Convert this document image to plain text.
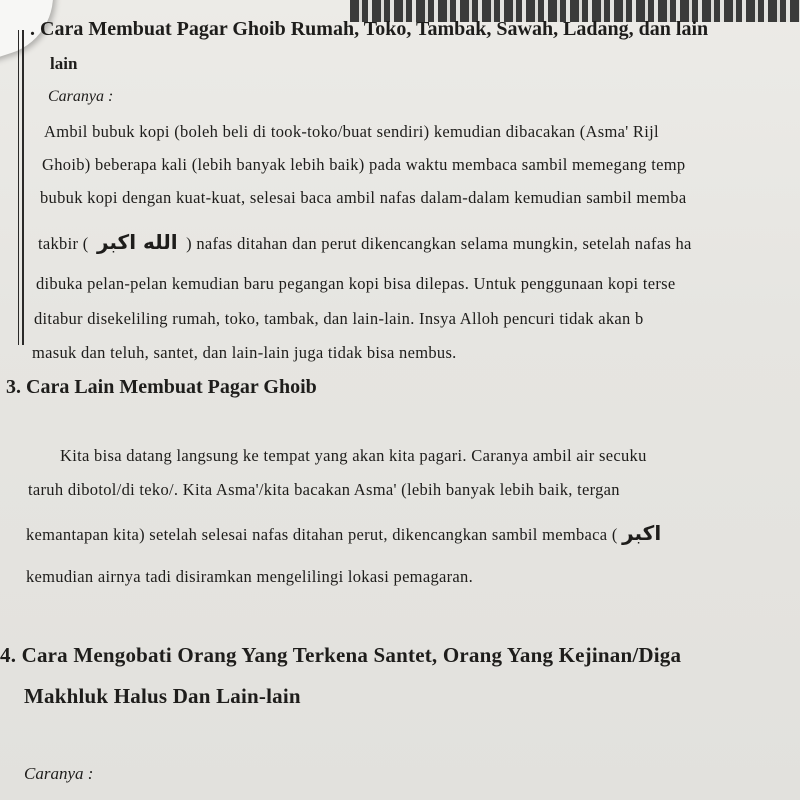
. Cara Membuat Pagar Ghoib Rumah, Toko, Tambak, Sawah, Ladang, dan lain
lain
Caranya :
Ambil bubuk kopi (boleh beli di took-toko/buat sendiri) kemudian dibacakan (Asma' Rijl
Ghoib) beberapa kali (lebih banyak lebih baik) pada waktu membaca sambil memegang temp
bubuk kopi dengan kuat-kuat, selesai baca ambil nafas dalam-dalam kemudian sambil memba
takbir ( الله اكبر ) nafas ditahan dan perut dikencangkan selama mungkin, setelah nafas ha
dibuka pelan-pelan kemudian baru pegangan kopi bisa dilepas. Untuk penggunaan kopi terse
ditabur disekeliling rumah, toko, tambak, dan lain-lain. Insya Alloh pencuri tidak akan b
masuk dan teluh, santet, dan lain-lain juga tidak bisa nembus.
3. Cara Lain Membuat Pagar Ghoib
Kita bisa datang langsung ke tempat yang akan kita pagari. Caranya ambil air secuku
taruh dibotol/di teko/. Kita Asma'/kita bacakan Asma' (lebih banyak lebih baik, tergan
kemantapan kita) setelah selesai nafas ditahan perut, dikencangkan sambil membaca ( اكبر
kemudian airnya tadi disiramkan mengelilingi lokasi pemagaran.
4. Cara Mengobati Orang Yang Terkena Santet, Orang Yang Kejinan/Diga
Makhluk Halus Dan Lain-lain
Caranya :
